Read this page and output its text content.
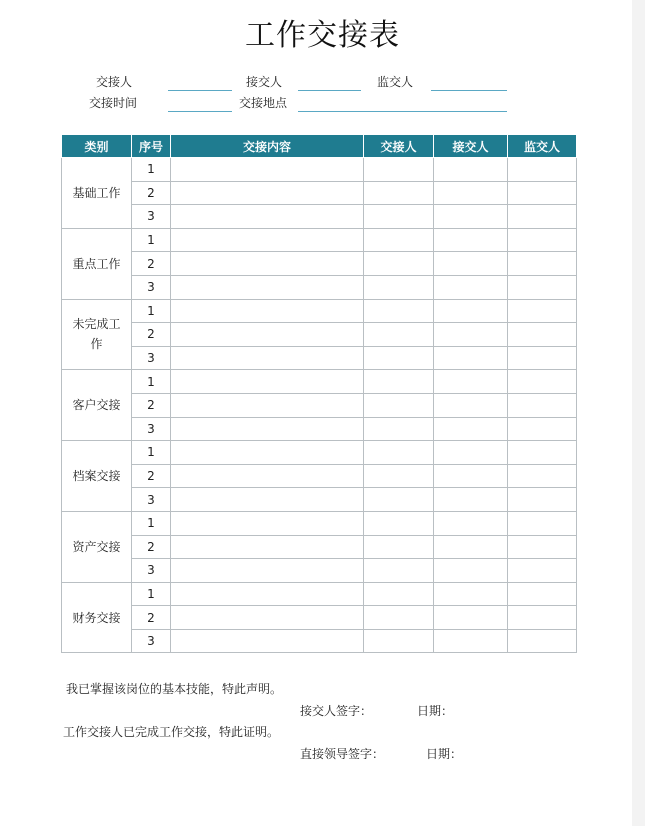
工作交接表
交接人	接交人	监交人
交接时间	交接地点
类别	序号	交接内容	交接人	接交人	监交人
基础工作	1				
	2				
	3				
重点工作	1				
	2				
	3				
未完成工作	1				
	2				
	3				
客户交接	1				
	2				
	3				
档案交接	1				
	2				
	3				
资产交接	1				
	2				
	3				
财务交接	1				
	2				
	3				
我已掌握该岗位的基本技能，特此声明。
接交人签字：	日期：
工作交接人已完成工作交接，特此证明。
直接领导签字：	日期：
